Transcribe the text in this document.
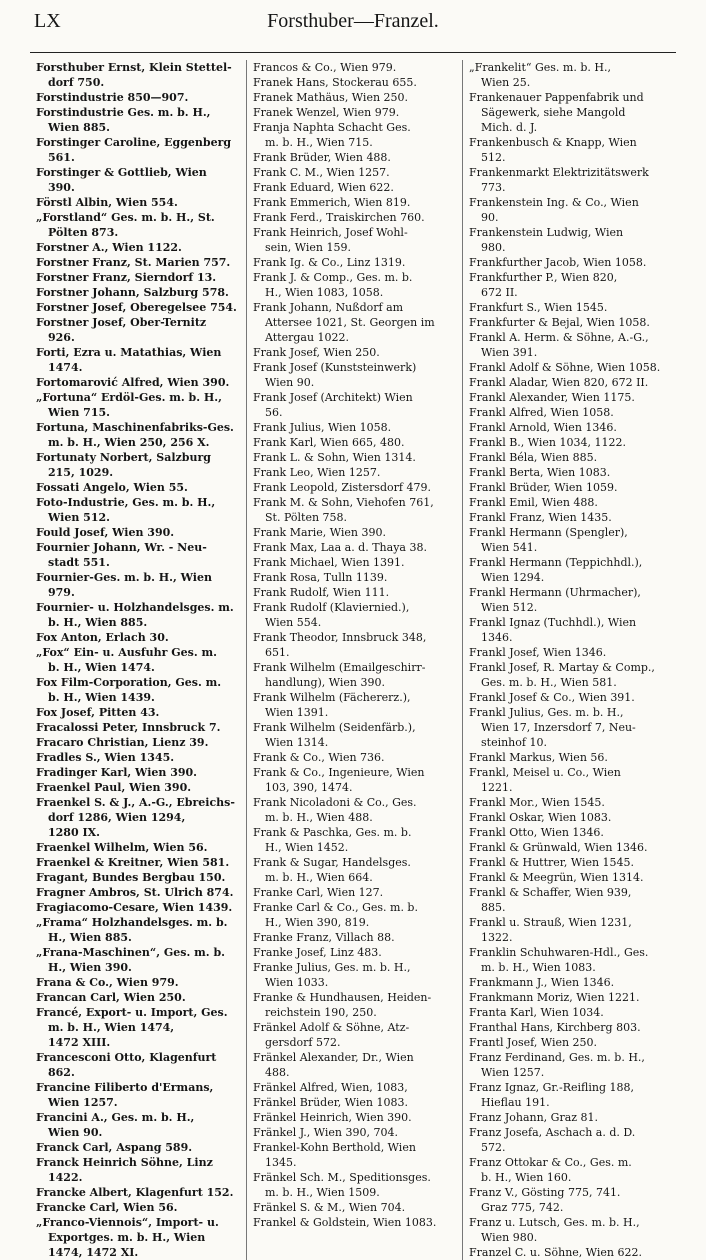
LX	Forsthuber—Franzel.
Forsthuber Ernst, Klein Stettel-
dorf 750.
Forstindustrie 850—907.
Forstindustrie Ges. m. b. H.,
Wien 885.
Forstinger Caroline, Eggenberg
561.
Forstinger & Gottlieb, Wien
390.
Förstl Albin, Wien 554.
„Forstland“ Ges. m. b. H., St.
Pölten 873.
Forstner A., Wien 1122.
Forstner Franz, St. Marien 757.
Forstner Franz, Sierndorf 13.
Forstner Johann, Salzburg 578.
Forstner Josef, Oberegelsee 754.
Forstner Josef, Ober-Ternitz
926.
Forti, Ezra u. Matathias, Wien
1474.
Fortomarović Alfred, Wien 390.
„Fortuna“ Erdöl-Ges. m. b. H.,
Wien 715.
Fortuna, Maschinenfabriks-Ges.
m. b. H., Wien 250, 256 X.
Fortunaty Norbert, Salzburg
215, 1029.
Fossati Angelo, Wien 55.
Foto-Industrie, Ges. m. b. H.,
Wien 512.
Fould Josef, Wien 390.
Fournier Johann, Wr. - Neu-
stadt 551.
Fournier-Ges. m. b. H., Wien
979.
Fournier- u. Holzhandelsges. m.
b. H., Wien 885.
Fox Anton, Erlach 30.
„Fox“ Ein- u. Ausfuhr Ges. m.
b. H., Wien 1474.
Fox Film-Corporation, Ges. m.
b. H., Wien 1439.
Fox Josef, Pitten 43.
Fracalossi Peter, Innsbruck 7.
Fracaro Christian, Lienz 39.
Fradles S., Wien 1345.
Fradinger Karl, Wien 390.
Fraenkel Paul, Wien 390.
Fraenkel S. & J., A.-G., Ebreichs-
dorf 1286, Wien 1294,
1280 IX.
Fraenkel Wilhelm, Wien 56.
Fraenkel & Kreitner, Wien 581.
Fragant, Bundes Bergbau 150.
Fragner Ambros, St. Ulrich 874.
Fragiacomo-Cesare, Wien 1439.
„Frama“ Holzhandelsges. m. b.
H., Wien 885.
„Frana-Maschinen“, Ges. m. b.
H., Wien 390.
Frana & Co., Wien 979.
Francan Carl, Wien 250.
Francé, Export- u. Import, Ges.
m. b. H., Wien 1474,
1472 XIII.
Francesconi Otto, Klagenfurt
862.
Francine Filiberto d'Ermans,
Wien 1257.
Francini A., Ges. m. b. H.,
Wien 90.
Franck Carl, Aspang 589.
Franck Heinrich Söhne, Linz
1422.
Francke Albert, Klagenfurt 152.
Francke Carl, Wien 56.
„Franco-Viennois“, Import- u.
Exportges. m. b. H., Wien
1474, 1472 XI.
Francos & Co., Wien 979.
Franek Hans, Stockerau 655.
Franek Mathäus, Wien 250.
Franek Wenzel, Wien 979.
Franja Naphta Schacht Ges.
m. b. H., Wien 715.
Frank Brüder, Wien 488.
Frank C. M., Wien 1257.
Frank Eduard, Wien 622.
Frank Emmerich, Wien 819.
Frank Ferd., Traiskirchen 760.
Frank Heinrich, Josef Wohl-
sein, Wien 159.
Frank Ig. & Co., Linz 1319.
Frank J. & Comp., Ges. m. b.
H., Wien 1083, 1058.
Frank Johann, Nußdorf am
Attersee 1021, St. Georgen im
Attergau 1022.
Frank Josef, Wien 250.
Frank Josef (Kunststeinwerk)
Wien 90.
Frank Josef (Architekt) Wien
56.
Frank Julius, Wien 1058.
Frank Karl, Wien 665, 480.
Frank L. & Sohn, Wien 1314.
Frank Leo, Wien 1257.
Frank Leopold, Zistersdorf 479.
Frank M. & Sohn, Viehofen 761,
St. Pölten 758.
Frank Marie, Wien 390.
Frank Max, Laa a. d. Thaya 38.
Frank Michael, Wien 1391.
Frank Rosa, Tulln 1139.
Frank Rudolf, Wien 111.
Frank Rudolf (Klaviernied.),
Wien 554.
Frank Theodor, Innsbruck 348,
651.
Frank Wilhelm (Emailgeschirr-
handlung), Wien 390.
Frank Wilhelm (Fächererz.),
Wien 1391.
Frank Wilhelm (Seidenfärb.),
Wien 1314.
Frank & Co., Wien 736.
Frank & Co., Ingenieure, Wien
103, 390, 1474.
Frank Nicoladoni & Co., Ges.
m. b. H., Wien 488.
Frank & Paschka, Ges. m. b.
H., Wien 1452.
Frank & Sugar, Handelsges.
m. b. H., Wien 664.
Franke Carl, Wien 127.
Franke Carl & Co., Ges. m. b.
H., Wien 390, 819.
Franke Franz, Villach 88.
Franke Josef, Linz 483.
Franke Julius, Ges. m. b. H.,
Wien 1033.
Franke & Hundhausen, Heiden-
reichstein 190, 250.
Fränkel Adolf & Söhne, Atz-
gersdorf 572.
Fränkel Alexander, Dr., Wien
488.
Fränkel Alfred, Wien, 1083,
Fränkel Brüder, Wien 1083.
Fränkel Heinrich, Wien 390.
Fränkel J., Wien 390, 704.
Frankel-Kohn Berthold, Wien
1345.
Fränkel Sch. M., Speditionsges.
m. b. H., Wien 1509.
Fränkel S. & M., Wien 704.
Frankel & Goldstein, Wien 1083.
„Frankelit“ Ges. m. b. H.,
Wien 25.
Frankenauer Pappenfabrik und
Sägewerk, siehe Mangold
Mich. d. J.
Frankenbusch & Knapp, Wien
512.
Frankenmarkt Elektrizitätswerk
773.
Frankenstein Ing. & Co., Wien
90.
Frankenstein Ludwig, Wien
980.
Frankfurther Jacob, Wien 1058.
Frankfurther P., Wien 820,
672 II.
Frankfurt S., Wien 1545.
Frankfurter & Bejal, Wien 1058.
Frankl A. Herm. & Söhne, A.-G.,
Wien 391.
Frankl Adolf & Söhne, Wien 1058.
Frankl Aladar, Wien 820, 672 II.
Frankl Alexander, Wien 1175.
Frankl Alfred, Wien 1058.
Frankl Arnold, Wien 1346.
Frankl B., Wien 1034, 1122.
Frankl Béla, Wien 885.
Frankl Berta, Wien 1083.
Frankl Brüder, Wien 1059.
Frankl Emil, Wien 488.
Frankl Franz, Wien 1435.
Frankl Hermann (Spengler),
Wien 541.
Frankl Hermann (Teppichhdl.),
Wien 1294.
Frankl Hermann (Uhrmacher),
Wien 512.
Frankl Ignaz (Tuchhdl.), Wien
1346.
Frankl Josef, Wien 1346.
Frankl Josef, R. Martay & Comp.,
Ges. m. b. H., Wien 581.
Frankl Josef & Co., Wien 391.
Frankl Julius, Ges. m. b. H.,
Wien 17, Inzersdorf 7, Neu-
steinhof 10.
Frankl Markus, Wien 56.
Frankl, Meisel u. Co., Wien
1221.
Frankl Mor., Wien 1545.
Frankl Oskar, Wien 1083.
Frankl Otto, Wien 1346.
Frankl & Grünwald, Wien 1346.
Frankl & Huttrer, Wien 1545.
Frankl & Meegrün, Wien 1314.
Frankl & Schaffer, Wien 939,
885.
Frankl u. Strauß, Wien 1231,
1322.
Franklin Schuhwaren-Hdl., Ges.
m. b. H., Wien 1083.
Frankmann J., Wien 1346.
Frankmann Moriz, Wien 1221.
Franta Karl, Wien 1034.
Franthal Hans, Kirchberg 803.
Frantl Josef, Wien 250.
Franz Ferdinand, Ges. m. b. H.,
Wien 1257.
Franz Ignaz, Gr.-Reifling 188,
Hieflau 191.
Franz Johann, Graz 81.
Franz Josefa, Aschach a. d. D.
572.
Franz Ottokar & Co., Ges. m.
b. H., Wien 160.
Franz V., Gösting 775, 741.
Graz 775, 742.
Franz u. Lutsch, Ges. m. b. H.,
Wien 980.
Franzel C. u. Söhne, Wien 622.
